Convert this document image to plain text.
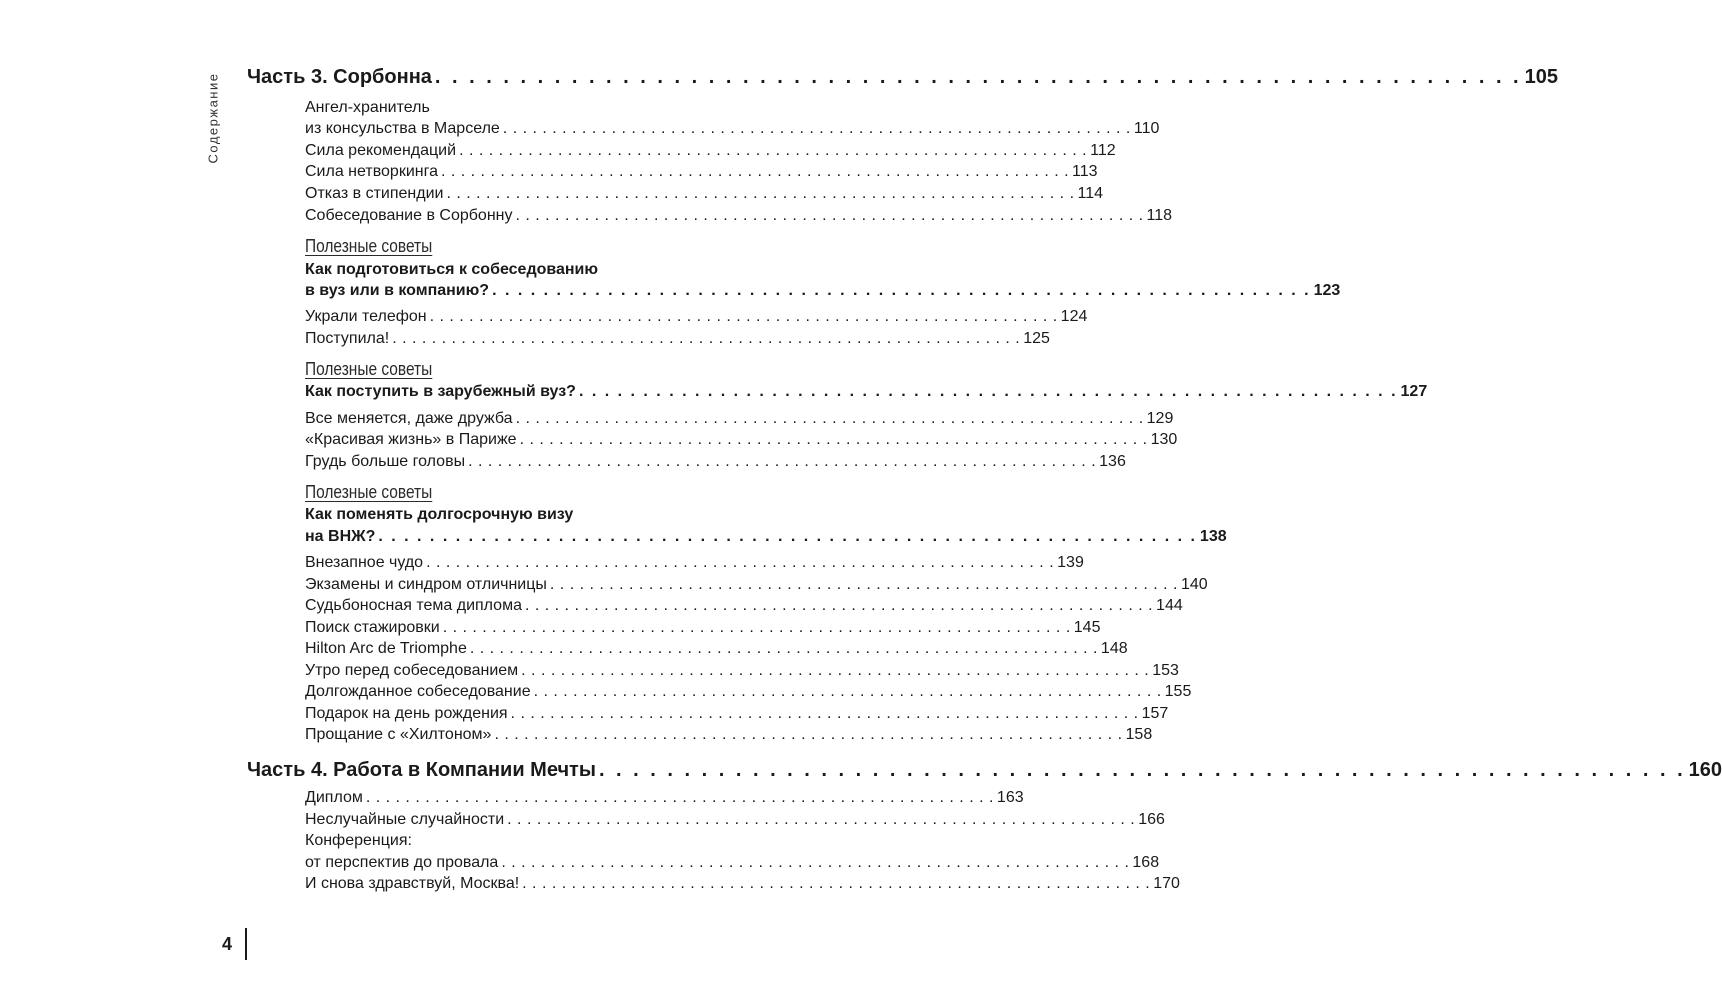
Содержание Часть 3. Сорбонна . . . . . . . . . . . . . . . . . . . . . . . . . . . . . . . . . . . . . . . . . . . . . . . . . . . . . . . . . . . . . . . . 105
Ангел-хранитель
из консульства в Марселе . . . . . . . . . . . . . . . . . . . . . . . . . . . . . . . . . . . . . . . . . . . . . . . . . . . . . . . . . . . . . . . . 110
Сила рекомендаций . . . . . . . . . . . . . . . . . . . . . . . . . . . . . . . . . . . . . . . . . . . . . . . . . . . . . . . . . . . . . . . . 112
Сила нетворкинга . . . . . . . . . . . . . . . . . . . . . . . . . . . . . . . . . . . . . . . . . . . . . . . . . . . . . . . . . . . . . . . . 113
Отказ в стипендии . . . . . . . . . . . . . . . . . . . . . . . . . . . . . . . . . . . . . . . . . . . . . . . . . . . . . . . . . . . . . . . . 114
Собеседование в Сорбонну . . . . . . . . . . . . . . . . . . . . . . . . . . . . . . . . . . . . . . . . . . . . . . . . . . . . . . . . . . . . . . . . 118
Полезные советы
Как подготовиться к собеседованию
в вуз или в компанию? . . . . . . . . . . . . . . . . . . . . . . . . . . . . . . . . . . . . . . . . . . . . . . . . . . . . . . . . . . . . . . . . 123
Украли телефон . . . . . . . . . . . . . . . . . . . . . . . . . . . . . . . . . . . . . . . . . . . . . . . . . . . . . . . . . . . . . . . . 124
Поступила! . . . . . . . . . . . . . . . . . . . . . . . . . . . . . . . . . . . . . . . . . . . . . . . . . . . . . . . . . . . . . . . . 125
Полезные советы
Как поступить в зарубежный вуз? . . . . . . . . . . . . . . . . . . . . . . . . . . . . . . . . . . . . . . . . . . . . . . . . . . . . . . . . . . . . . . . . 127
Все меняется, даже дружба . . . . . . . . . . . . . . . . . . . . . . . . . . . . . . . . . . . . . . . . . . . . . . . . . . . . . . . . . . . . . . . . 129
«Красивая жизнь» в Париже . . . . . . . . . . . . . . . . . . . . . . . . . . . . . . . . . . . . . . . . . . . . . . . . . . . . . . . . . . . . . . . . 130
Грудь больше головы . . . . . . . . . . . . . . . . . . . . . . . . . . . . . . . . . . . . . . . . . . . . . . . . . . . . . . . . . . . . . . . . 136
Полезные советы
Как поменять долгосрочную визу
на ВНЖ? . . . . . . . . . . . . . . . . . . . . . . . . . . . . . . . . . . . . . . . . . . . . . . . . . . . . . . . . . . . . . . . . 138
Внезапное чудо . . . . . . . . . . . . . . . . . . . . . . . . . . . . . . . . . . . . . . . . . . . . . . . . . . . . . . . . . . . . . . . . 139
Экзамены и синдром отличницы . . . . . . . . . . . . . . . . . . . . . . . . . . . . . . . . . . . . . . . . . . . . . . . . . . . . . . . . . . . . . . . . 140
Судьбоносная тема диплома . . . . . . . . . . . . . . . . . . . . . . . . . . . . . . . . . . . . . . . . . . . . . . . . . . . . . . . . . . . . . . . . 144
Поиск стажировки . . . . . . . . . . . . . . . . . . . . . . . . . . . . . . . . . . . . . . . . . . . . . . . . . . . . . . . . . . . . . . . . 145
Hilton Arc de Triomphe . . . . . . . . . . . . . . . . . . . . . . . . . . . . . . . . . . . . . . . . . . . . . . . . . . . . . . . . . . . . . . . . 148
Утро перед собеседованием . . . . . . . . . . . . . . . . . . . . . . . . . . . . . . . . . . . . . . . . . . . . . . . . . . . . . . . . . . . . . . . . 153
Долгожданное собеседование . . . . . . . . . . . . . . . . . . . . . . . . . . . . . . . . . . . . . . . . . . . . . . . . . . . . . . . . . . . . . . . . 155
Подарок на день рождения . . . . . . . . . . . . . . . . . . . . . . . . . . . . . . . . . . . . . . . . . . . . . . . . . . . . . . . . . . . . . . . . 157
Прощание с «Хилтоном» . . . . . . . . . . . . . . . . . . . . . . . . . . . . . . . . . . . . . . . . . . . . . . . . . . . . . . . . . . . . . . . . 158
Часть 4. Работа в Компании Мечты . . . . . . . . . . . . . . . . . . . . . . . . . . . . . . . . . . . . . . . . . . . . . . . . . . . . . . . . . . . . . . . . 160
Диплом . . . . . . . . . . . . . . . . . . . . . . . . . . . . . . . . . . . . . . . . . . . . . . . . . . . . . . . . . . . . . . . . 163
Неслучайные случайности . . . . . . . . . . . . . . . . . . . . . . . . . . . . . . . . . . . . . . . . . . . . . . . . . . . . . . . . . . . . . . . . 166
Конференция:
от перспектив до провала . . . . . . . . . . . . . . . . . . . . . . . . . . . . . . . . . . . . . . . . . . . . . . . . . . . . . . . . . . . . . . . . 168
И снова здравствуй, Москва! . . . . . . . . . . . . . . . . . . . . . . . . . . . . . . . . . . . . . . . . . . . . . . . . . . . . . . . . . . . . . . . . 170
4
